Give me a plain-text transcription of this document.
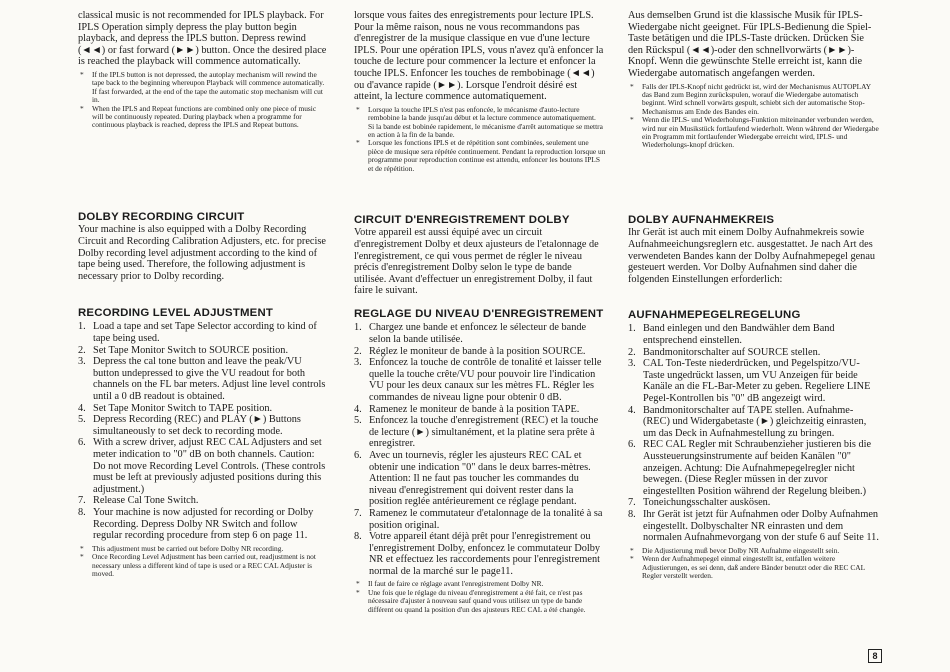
classical music is not recommended for IPLS playback. For IPLS Operation simply depress the play button begin playback, and depress the IPLS button. Depress rewind (◄◄) or fast forward (►►) button. Once the desired place is reached the playback will commence automatically.

* If the IPLS button is not depressed, the autoplay mechanism will rewind the tape back to the beginning whereupon Playback will commence automatically.
If fast forwarded, at the end of the tape the automatic stop mechanism will cut in.
* When the IPLS and Repeat functions are combined only one piece of music will be continuously repeated. During playback when a programme for continuous playback is reached, depress the IPLS and Repeat buttons.
DOLBY RECORDING CIRCUIT

Your machine is also equipped with a Dolby Recording Circuit and Recording Calibration Adjusters, etc. for precise Dolby recording level adjustment according to the kind of tape being used. Therefore, the following adjustment is necessary prior to Dolby recording.

RECORDING LEVEL ADJUSTMENT
1. Load a tape and set Tape Selector according to kind of tape being used.
2. Set Tape Monitor Switch to SOURCE position.
3. Depress the cal tone button and leave the peak/VU button undepressed to give the VU readout for both channels on the FL bar meters. Adjust line level controls until a 0 dB readout is obtained.
4. Set Tape Monitor Switch to TAPE position.
5. Depress Recording (REC) and PLAY (►) Buttons simultaneously to set deck to recording mode.
6. With a screw driver, adjust REC CAL Adjusters and set meter indication to "0" dB on both channels. Caution: Do not move Recording Level Controls. (These controls must be left at previously adjusted positions during this adjustment.)
7. Release Cal Tone Switch.
8. Your machine is now adjusted for recording or Dolby Recording. Depress Dolby NR Switch and follow regular recording procedure from step 6 on page 11.
* This adjustment must be carried out before Dolby NR recording.
* Once Recording Level Adjustment has been carried out, readjustment is not necessary unless a different kind of tape is used or a REC CAL Adjuster is moved.

lorsque vous faites des enregistrements pour lecture IPLS. Pour la même raison, nous ne vous recommandons pas d'enregistrer de la musique classique en vue d'une lecture IPLS. Pour une opération IPLS, vous n'avez qu'à enfoncer la touche de lecture pour commencer la lecture et enfoncer la touche IPLS. Enfoncer les touches de rembobinage (◄◄) ou d'avance rapide (►►). Lorsque l'endroit désiré est atteint, la lecture commence automatiquement.

* Lorsque la touche IPLS n'est pas enfoncée, le mécanisme d'auto-lecture rembobine la bande jusqu'au début et la lecture commence automatiquement.
Si la bande est bobinée rapidement, le mécanisme d'arrêt automatique se mettra en action à la fin de la bande.
* Lorsque les fonctions IPLS et de répétition sont combinées, seulement une pièce de musique sera répétée continuement. Pendant la reproduction lorsque un programme pour reproduction continue est attendu, enfoncer les boutons IPLS et de répétition.
CIRCUIT D'ENREGISTREMENT DOLBY

Votre appareil est aussi équipé avec un circuit d'enregistrement Dolby et deux ajusteurs de l'etalonnage de l'enregistrement, ce qui vous permet de régler le niveau précis d'enregistrement Dolby selon le type de bande utilisée. Avant d'effectuer un enregistrement Dolby, il faut faire le suivant.

REGLAGE DU NIVEAU D'ENREGISTREMENT
1. Chargez une bande et enfoncez le sélecteur de bande selon la bande utilisée.
2. Réglez le moniteur de bande à la position SOURCE.
3. Enfoncez la touche de contrôle de tonalité et laisser telle quelle la touche crête/VU pour pouvoir lire l'indication VU pour les deux canaux sur les mètres FL. Régler les commandes de niveau ligne pour obtenir 0 dB.
4. Ramenez le moniteur de bande à la position TAPE.
5. Enfoncez la touche d'enregistrement (REC) et la touche de lecture (►) simultanément, et la platine sera prête à enregistrer.
6. Avec un tournevis, régler les ajusteurs REC CAL et obtenir une indication "0" dans le deux barres-mètres. Attention: Il ne faut pas toucher les commandes du niveau d'enregistrement qui doivent rester dans la position reglée antérieurement ce réglage pendant.
7. Ramenez le commutateur d'etalonnage de la tonalité à sa position original.
8. Votre appareil étant déjà prêt pour l'enregistrement ou l'enregistrement Dolby, enfoncez le commutateur Dolby NR et effectuez les raccordements pour l'enregistrement normal de la marché sur le page11.
* Il faut de faire ce réglage avant l'enregistrement Dolby NR.
* Une fois que le réglage du niveau d'enregistrement a été fait, ce n'est pas nécessaire d'ajuster à nouveau sauf quand vous utilisez un type de bande différent ou quand la position d'un des ajusteurs REC CAL a été changée.

Aus demselben Grund ist die klassische Musik für IPLS-Wiedergabe nicht geeignet. Für IPLS-Bedienung die Spiel-Taste betätigen und die IPLS-Taste drücken. Drücken Sie den Rückspul (◄◄)-oder den schnellvorwärts (►►)- Knopf. Wenn die gewünschte Stelle erreicht ist, kann die Wiedergabe automatisch angefangen werden.

* Falls der IPLS-Knopf nicht gedrückt ist, wird der Mechanismus AUTOPLAY das Band zum Beginn zurückspulen, worauf die Wiedergabe automatisch beginnt. Wird schnell vorwärts gespult, schiebt sich der automatische Stop-Mechanismus am Ende des Bandes ein.
* Wenn die IPLS- und Wiederholungs-Funktion miteinander verbunden werden, wird nur ein Musikstück fortlaufend wiederholt. Wenn während der Wiedergabe ein Programm mit fortlaufender Wiedergabe erreicht wird, IPLS- und Wiederholungs-knopf drücken.
DOLBY AUFNAHMEKREIS

Ihr Gerät ist auch mit einem Dolby Aufnahmekreis sowie Aufnahmeeichungsreglern etc. ausgestattet. Je nach Art des verwendeten Bandes kann der Dolby Aufnahmepegel genau gesteuert werden. Vor Dolby Aufnahmen sind daher die folgenden Einstellungen erforderlich:

AUFNAHMEPEGELREGELUNG
1. Band einlegen und den Bandwähler dem Band entsprechend einstellen.
2. Bandmonitorschalter auf SOURCE stellen.
3. CAL Ton-Teste niederdrücken, und Pegelspitzo/VU-Taste ungedrückt lassen, um VU Anzeigen für beide Kanäle an die FL-Bar-Meter zu geben. Regeliere LINE Pegel-Kontrollen bis "0" dB angezeigt wird.
4. Bandmonitorschalter auf TAPE stellen. Aufnahme- (REC) und Widergabetaste (►) gleichzeitig einrasten, um das Deck in Aufnahmestellung zu bringen.
6. REC CAL Regler mit Schraubenzieher justieren bis die Aussteuerungsinstrumente auf beiden Kanälen "0" anzeigen. Achtung: Die Aufnahmepegelregler nicht bewegen. (Diese Regler müssen in der zuvor eingestellten Position während der Regelung bleiben.)
7. Toneichungsschalter auskösen.
8. Ihr Gerät ist jetzt für Aufnahmen oder Dolby Aufnahmen eingestellt. Dolbyschalter NR einrasten und dem normalen Aufnahmevorgang von der stufe 6 auf Seite 11.
* Die Adjustierung muß bevor Dolby NR Aufnahme eingestellt sein.
* Wenn der Aufnahmepegel einmal eingestellt ist, entfallen weitere Adjustierungen, es sei denn, daß andere Bänder benutzt oder die REC CAL Regler verstellt werden.
8
